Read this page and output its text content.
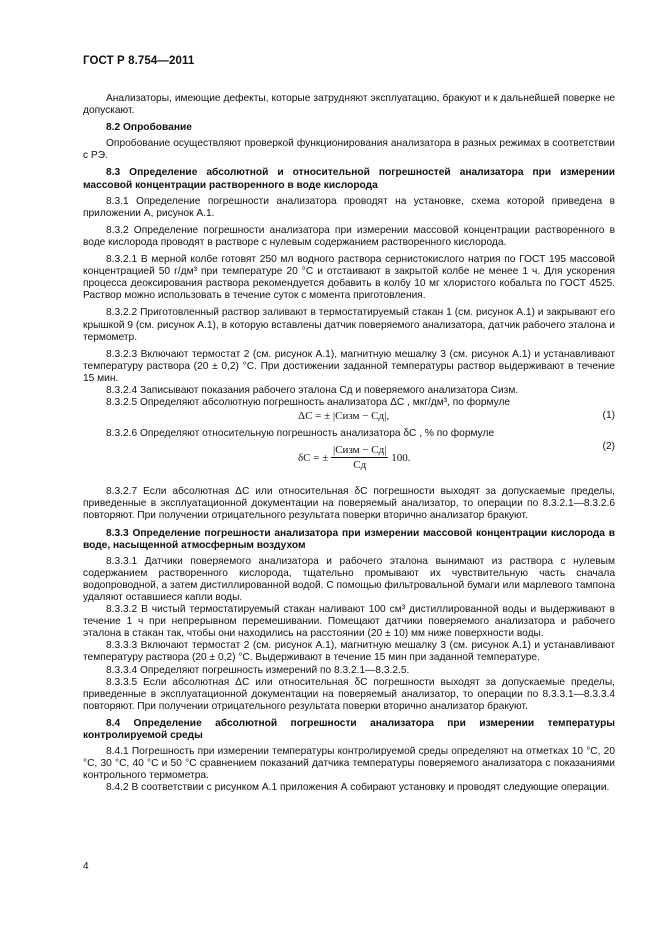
ГОСТ Р 8.754—2011

Анализаторы, имеющие дефекты, которые затрудняют эксплуатацию, бракуют и к дальнейшей поверке не допускают.

8.2 Опробование

Опробование осуществляют проверкой функционирования анализатора в разных режимах в соответствии с РЭ.

8.3 Определение абсолютной и относительной погрешностей анализатора при измерении массовой концентрации растворенного в воде кислорода

8.3.1 Определение погрешности анализатора проводят на установке, схема которой приведена в приложении А, рисунок А.1.

8.3.2 Определение погрешности анализатора при измерении массовой концентрации растворенного в воде кислорода проводят в растворе с нулевым содержанием растворенного кислорода.

8.3.2.1 В мерной колбе готовят 250 мл водного раствора сернистокислого натрия по ГОСТ 195 массовой концентрацией 50 г/дм³ при температуре 20 °С и отстаивают в закрытой колбе не менее 1 ч. Для ускорения процесса деоксирования раствора рекомендуется добавить в колбу 10 мг хлористого кобальта по ГОСТ 4525. Раствор можно использовать в течение суток с момента приготовления.

8.3.2.2 Приготовленный раствор заливают в термостатируемый стакан 1 (см. рисунок А.1) и закрывают его крышкой 9 (см. рисунок А.1), в которую вставлены датчик поверяемого анализатора, датчик рабочего эталона и термометр.

8.3.2.3 Включают термостат 2 (см. рисунок А.1), магнитную мешалку 3 (см. рисунок А.1) и устанавливают температуру раствора (20 ± 0,2) °С. При достижении заданной температуры раствор выдерживают в течение 15 мин.

8.3.2.4 Записывают показания рабочего эталона Сд и поверяемого анализатора Сизм.

8.3.2.5 Определяют абсолютную погрешность анализатора ΔС , мкг/дм³, по формуле

ΔС = ± |Сизм − Сд|,	(1)

8.3.2.6 Определяют относительную погрешность анализатора δС , % по формуле

δС = ± $\frac{\text{|Сизм − Сд|}}{Сд} 100$.
(2)

8.3.2.7 Если абсолютная ΔС или относительная δС погрешности выходят за допускаемые пределы, приведенные в эксплуатационной документации на поверяемый анализатор, то операции по 8.3.2.1—8.3.2.6 повторяют. При получении отрицательного результата поверки вторично анализатор бракуют.

8.3.3 Определение погрешности анализатора при измерении массовой концентрации кислорода в воде, насыщенной атмосферным воздухом

8.3.3.1 Датчики поверяемого анализатора и рабочего эталона вынимают из раствора с нулевым содержанием растворенного кислорода, тщательно промывают их чувствительную часть сначала водопроводной, а затем дистиллированной водой. С помощью фильтровальной бумаги или марлевого тампона удаляют оставшиеся капли воды.

8.3.3.2 В чистый термостатируемый стакан наливают 100 см³ дистиллированной воды и выдерживают в течение 1 ч при непрерывном перемешивании. Помещают датчики поверяемого анализатора и рабочего эталона в стакан так, чтобы они находились на расстоянии (20 ± 10) мм ниже поверхности воды.

8.3.3.3 Включают термостат 2 (см. рисунок А.1), магнитную мешалку 3 (см. рисунок А.1) и устанавливают температуру раствора (20 ± 0,2) °С. Выдерживают в течение 15 мин при заданной температуре.

8.3.3.4 Определяют погрешность измерений по 8.3.2.1—8.3.2.5.

8.3.3.5 Если абсолютная ΔС или относительная δС погрешности выходят за допускаемые пределы, приведенные в эксплуатационной документации на поверяемый анализатор, то операции по 8.3.3.1—8.3.3.4 повторяют. При получении отрицательного результата поверки вторично анализатор бракуют.

8.4 Определение абсолютной погрешности анализатора при измерении температуры контролируемой среды

8.4.1 Погрешность при измерении температуры контролируемой среды определяют на отметках 10 °С, 20 °С, 30 °С, 40 °С и 50 °С сравнением показаний датчика температуры поверяемого анализатора с показаниями контрольного термометра.

8.4.2 В соответствии с рисунком А.1 приложения А собирают установку и проводят следующие операции.

4
